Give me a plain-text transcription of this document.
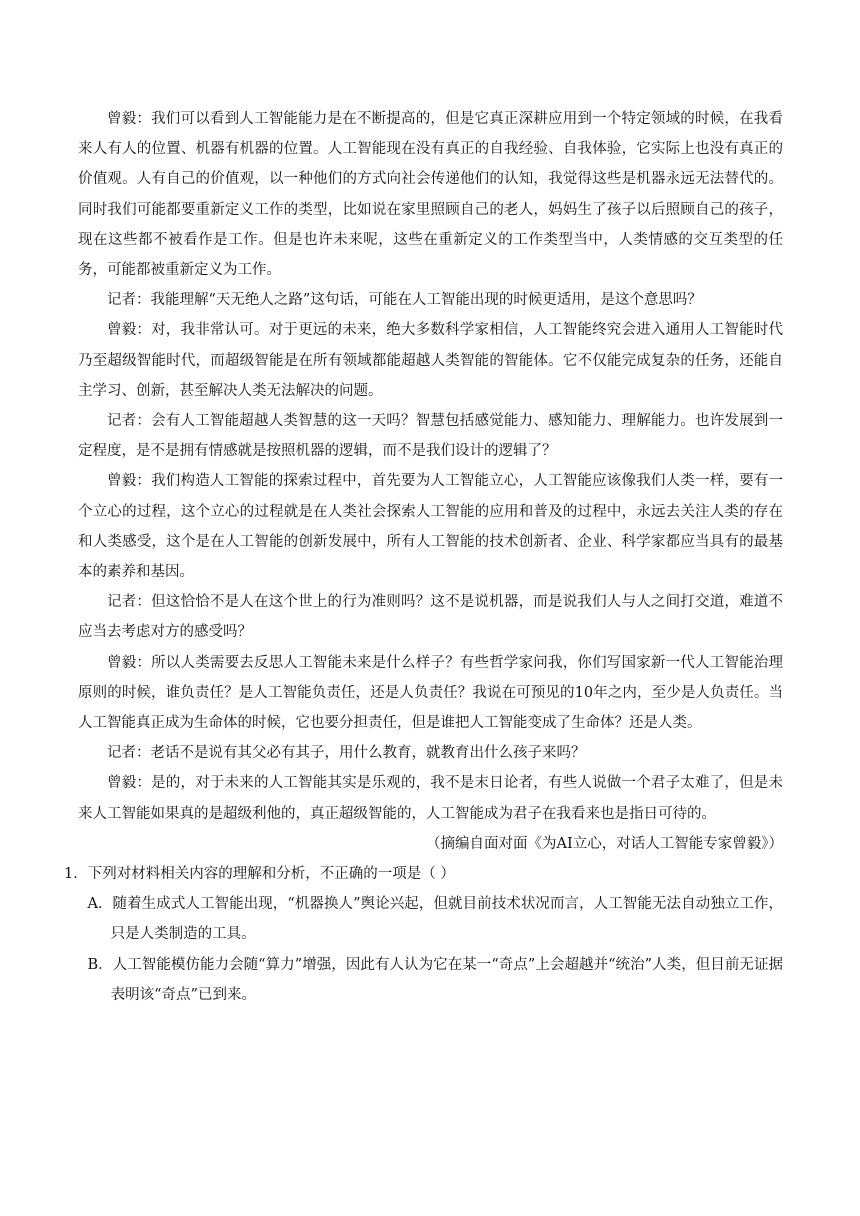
曾毅：我们可以看到人工智能能力是在不断提高的，但是它真正深耕应用到一个特定领域的时候，在我看来人有人的位置、机器有机器的位置。人工智能现在没有真正的自我经验、自我体验，它实际上也没有真正的价值观。人有自己的价值观，以一种他们的方式向社会传递他们的认知，我觉得这些是机器永远无法替代的。同时我们可能都要重新定义工作的类型，比如说在家里照顾自己的老人，妈妈生了孩子以后照顾自己的孩子，现在这些都不被看作是工作。但是也许未来呢，这些在重新定义的工作类型当中，人类情感的交互类型的任务，可能都被重新定义为工作。

记者：我能理解“天无绝人之路”这句话，可能在人工智能出现的时候更适用，是这个意思吗？

曾毅：对，我非常认可。对于更远的未来，绝大多数科学家相信，人工智能终究会进入通用人工智能时代乃至超级智能时代，而超级智能是在所有领域都能超越人类智能的智能体。它不仅能完成复杂的任务，还能自主学习、创新，甚至解决人类无法解决的问题。

记者：会有人工智能超越人类智慧的这一天吗？智慧包括感觉能力、感知能力、理解能力。也许发展到一定程度，是不是拥有情感就是按照机器的逻辑，而不是我们设计的逻辑了？

曾毅：我们构造人工智能的探索过程中，首先要为人工智能立心，人工智能应该像我们人类一样，要有一个立心的过程，这个立心的过程就是在人类社会探索人工智能的应用和普及的过程中，永远去关注人类的存在和人类感受，这个是在人工智能的创新发展中，所有人工智能的技术创新者、企业、科学家都应当具有的最基本的素养和基因。

记者：但这恰恰不是人在这个世上的行为准则吗？这不是说机器，而是说我们人与人之间打交道，难道不应当去考虑对方的感受吗？

曾毅：所以人类需要去反思人工智能未来是什么样子？有些哲学家问我，你们写国家新一代人工智能治理原则的时候，谁负责任？是人工智能负责任，还是人负责任？我说在可预见的10年之内，至少是人负责任。当人工智能真正成为生命体的时候，它也要分担责任，但是谁把人工智能变成了生命体？还是人类。

记者：老话不是说有其父必有其子，用什么教育，就教育出什么孩子来吗？

曾毅：是的，对于未来的人工智能其实是乐观的，我不是末日论者，有些人说做一个君子太难了，但是未来人工智能如果真的是超级利他的，真正超级智能的，人工智能成为君子在我看来也是指日可待的。

（摘编自面对面《为AI立心，对话人工智能专家曾毅》）

1．下列对材料相关内容的理解和分析，不正确的一项是（ ）

A．随着生成式人工智能出现，“机器换人”舆论兴起，但就目前技术状况而言，人工智能无法自动独立工作，只是人类制造的工具。

B．人工智能模仿能力会随“算力”增强，因此有人认为它在某一“奇点”上会超越并“统治”人类，但目前无证据表明该“奇点”已到来。
